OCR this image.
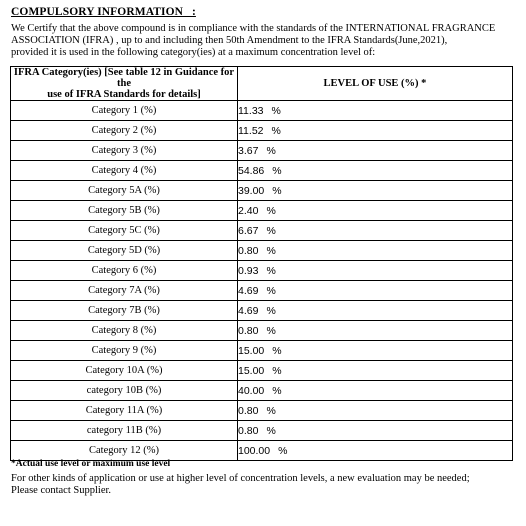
COMPULSORY INFORMATION   :
We Certify that the above compound is in compliance with the standards of the INTERNATIONAL FRAGRANCE
ASSOCIATION (IFRA) , up to and including then 50th Amendment to the IFRA Standards(June,2021),
provided it is used in the following category(ies) at a maximum concentration level of:
IFRA Category(ies) [See table 12 in Guidance for the
use of IFRA Standards for details]	LEVEL OF USE (%) *
Category 1 (%)	11.33 %
Category 2 (%)	11.52 %
Category 3 (%)	3.67 %
Category 4 (%)	54.86 %
Category 5A (%)	39.00 %
Category 5B (%)	2.40 %
Category 5C (%)	6.67 %
Category 5D (%)	0.80 %
Category 6 (%)	0.93 %
Category 7A (%)	4.69 %
Category 7B (%)	4.69 %
Category 8 (%)	0.80 %
Category 9 (%)	15.00 %
Category 10A (%)	15.00 %
category 10B (%)	40.00 %
Category 11A (%)	0.80 %
category 11B (%)	0.80 %
Category 12 (%)	100.00 %
*Actual use level or maximum use level
For other kinds of application or use at higher level of concentration levels, a new evaluation may be needed;
Please contact Supplier.
